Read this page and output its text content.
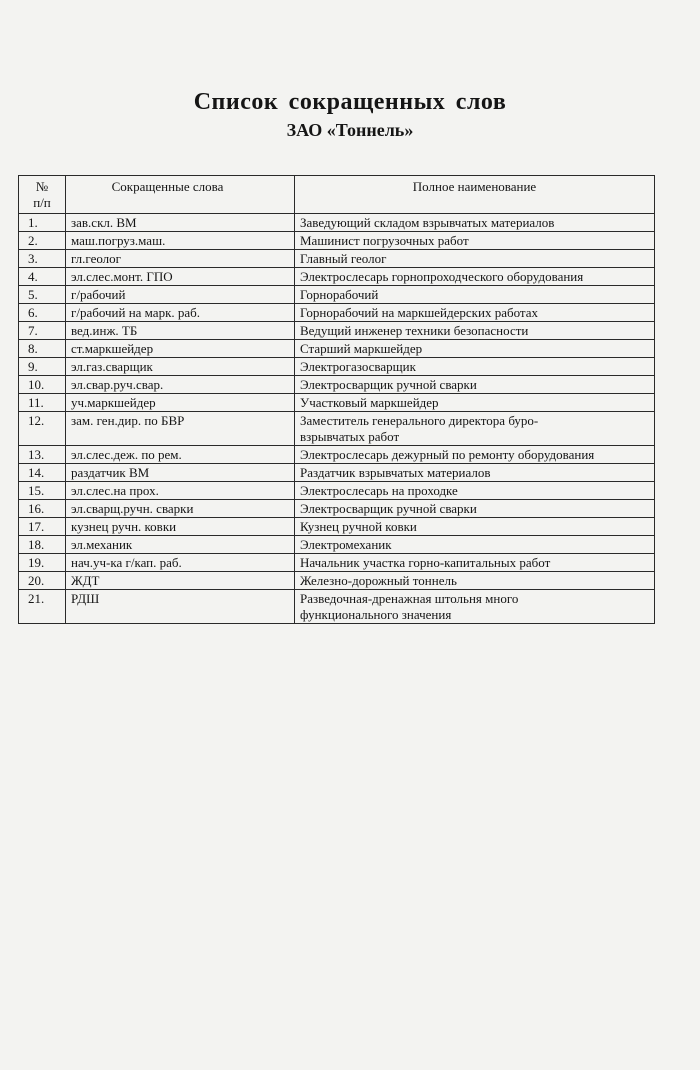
Список сокращенных слов
ЗАО «Тоннель»
№
п/п	Сокращенные слова	Полное наименование
1.	зав.скл. ВМ	Заведующий складом взрывчатых материалов
2.	маш.погруз.маш.	Машинист погрузочных работ
3.	гл.геолог	Главный геолог
4.	эл.слес.монт. ГПО	Электрослесарь горнопроходческого оборудования
5.	г/рабочий	Горнорабочий
6.	г/рабочий на марк. раб.	Горнорабочий на маркшейдерских работах
7.	вед.инж. ТБ	Ведущий инженер техники безопасности
8.	ст.маркшейдер	Старший маркшейдер
9.	эл.газ.сварщик	Электрогазосварщик
10.	эл.свар.руч.свар.	Электросварщик ручной сварки
11.	уч.маркшейдер	Участковый маркшейдер
12.	зам. ген.дир. по БВР	Заместитель генерального директора буро-
взрывчатых работ
13.	эл.слес.деж. по рем.	Электрослесарь дежурный по ремонту оборудования
14.	раздатчик ВМ	Раздатчик взрывчатых материалов
15.	эл.слес.на прох.	Электрослесарь на проходке
16.	эл.сварщ.ручн. сварки	Электросварщик ручной сварки
17.	кузнец ручн. ковки	Кузнец ручной ковки
18.	эл.механик	Электромеханик
19.	нач.уч-ка г/кап. раб.	Начальник участка горно-капитальных работ
20.	ЖДТ	Железно-дорожный тоннель
21.	РДШ	Разведочная-дренажная штольня много
функционального значения
